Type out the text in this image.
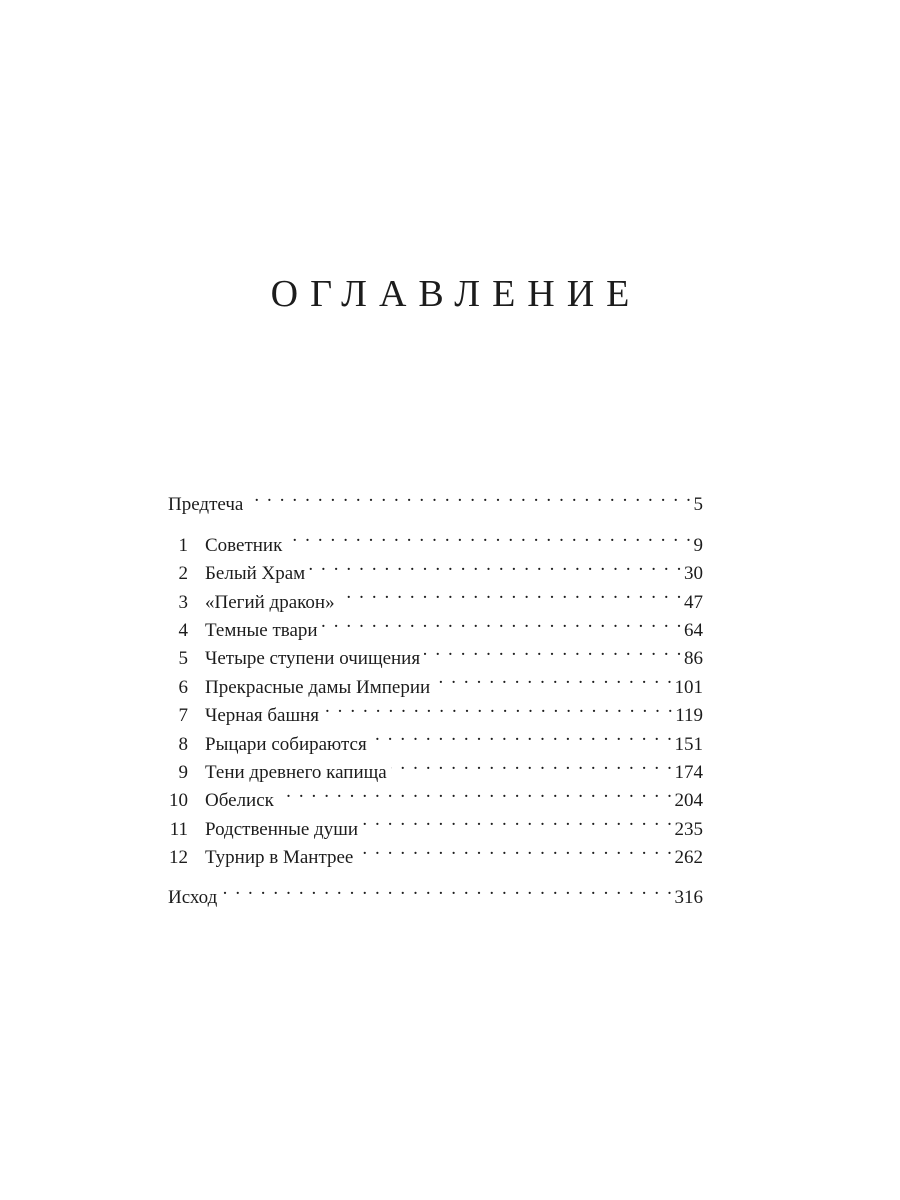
ОГЛАВЛЕНИЕ
Предтеча . . .	5
1 Советник . . .	9
2 Белый Храм . . .	30
3 «Пегий дракон» . . .	47
4 Темные твари . . .	64
5 Четыре ступени очищения . . .	86
6 Прекрасные дамы Империи . . .	101
7 Черная башня . . .	119
8 Рыцари собираются . . .	151
9 Тени древнего капища . . .	174
10 Обелиск . . .	204
11 Родственные души . . .	235
12 Турнир в Мантрее . . .	262
Исход . . .	316
